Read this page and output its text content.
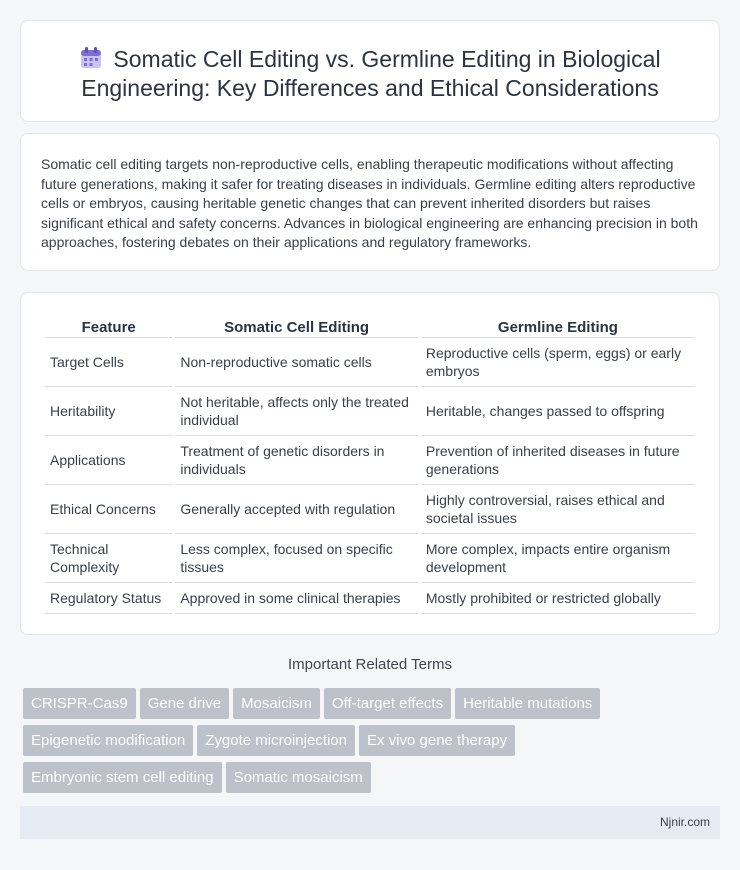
Somatic Cell Editing vs. Germline Editing in Biological Engineering: Key Differences and Ethical Considerations

Somatic cell editing targets non-reproductive cells, enabling therapeutic modifications without affecting future generations, making it safer for treating diseases in individuals. Germline editing alters reproductive cells or embryos, causing heritable genetic changes that can prevent inherited disorders but raises significant ethical and safety concerns. Advances in biological engineering are enhancing precision in both approaches, fostering debates on their applications and regulatory frameworks.

Feature	Somatic Cell Editing	Germline Editing
Target Cells	Non-reproductive somatic cells	Reproductive cells (sperm, eggs) or early embryos
Heritability	Not heritable, affects only the treated individual	Heritable, changes passed to offspring
Applications	Treatment of genetic disorders in individuals	Prevention of inherited diseases in future generations
Ethical Concerns	Generally accepted with regulation	Highly controversial, raises ethical and societal issues
Technical Complexity	Less complex, focused on specific tissues	More complex, impacts entire organism development
Regulatory Status	Approved in some clinical therapies	Mostly prohibited or restricted globally
Important Related Terms
CRISPR-Cas9 Gene drive Mosaicism Off-target effects Heritable mutations
Epigenetic modification Zygote microinjection Ex vivo gene therapy
Embryonic stem cell editing Somatic mosaicism
Njnir.com
